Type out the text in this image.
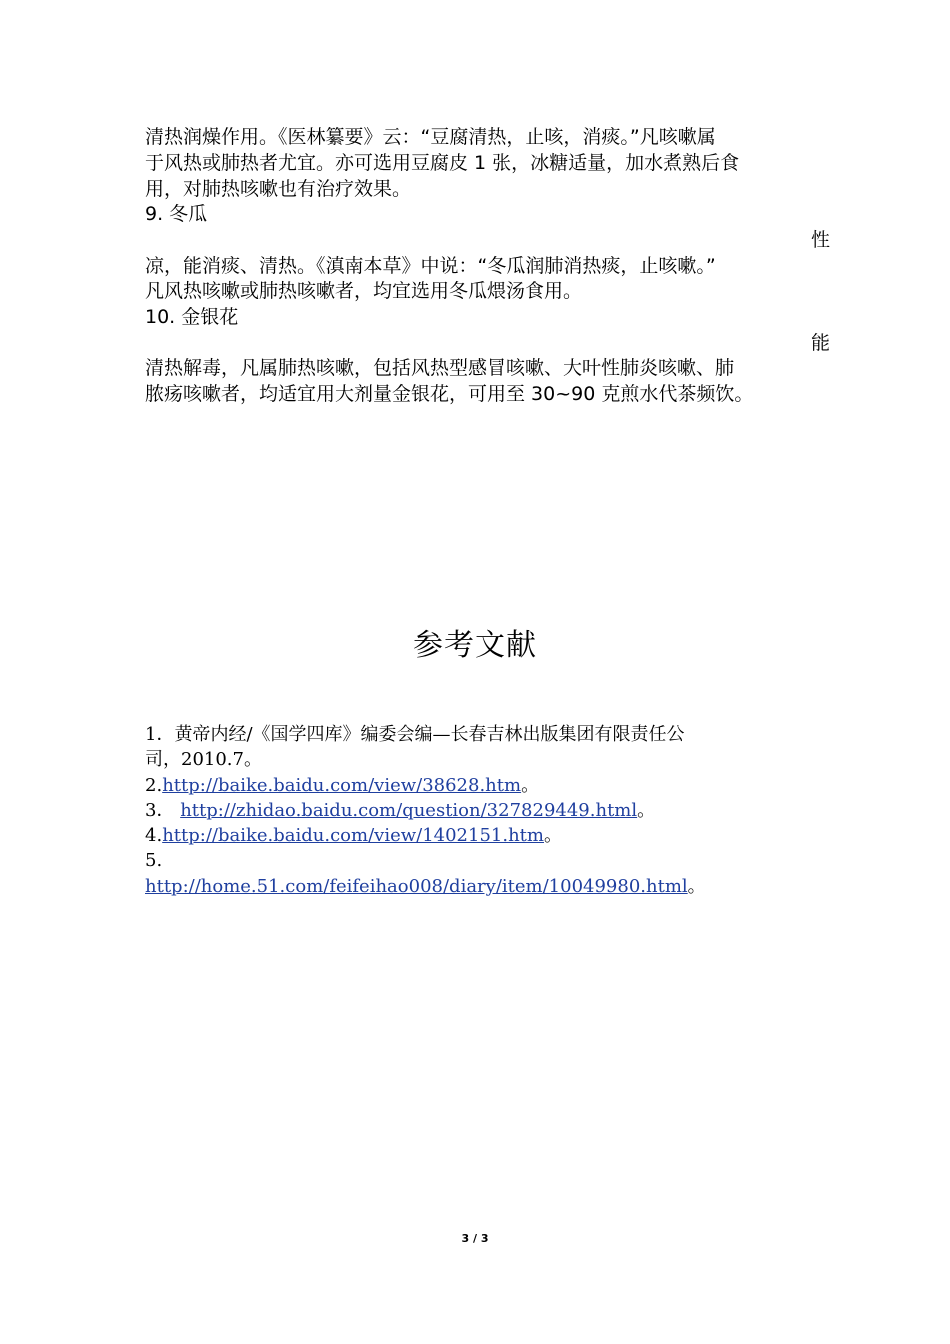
清热润燥作用。《医林纂要》云：“豆腐清热，止咳，消痰。”凡咳嗽属
于风热或肺热者尤宜。亦可选用豆腐皮 1 张，冰糖适量，加水煮熟后食
用，对肺热咳嗽也有治疗效果。
9. 冬瓜
性
凉，能消痰、清热。《滇南本草》中说：“冬瓜润肺消热痰，止咳嗽。”
凡风热咳嗽或肺热咳嗽者，均宜选用冬瓜煨汤食用。
10. 金银花
能
清热解毒，凡属肺热咳嗽，包括风热型感冒咳嗽、大叶性肺炎咳嗽、肺
脓疡咳嗽者，均适宜用大剂量金银花，可用至 30~90 克煎水代茶频饮。
参考文献
1．黄帝内经/《国学四库》编委会编—长春吉林出版集团有限责任公
司，2010.7。
2.http://baike.baidu.com/view/38628.htm。
3． http://zhidao.baidu.com/question/327829449.html。
4.http://baike.baidu.com/view/1402151.htm。
5.
http://home.51.com/feifeihao008/diary/item/10049980.html。
3 / 3
